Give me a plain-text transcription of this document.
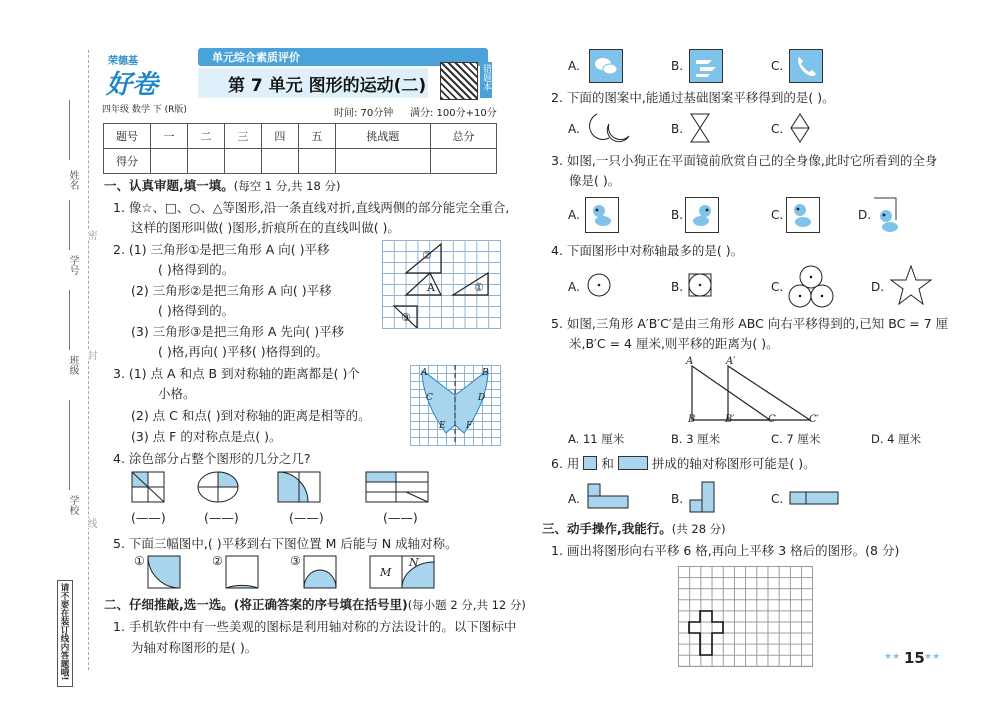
姓名
学号
班级
学校
请不要在装订线内答题哦!
密
封
线
荣德基
好卷
四年级 数学 下 (R版)
单元综合素质评价
第 7 单元 图形的运动(二)	错题本
时间: 70分钟 满分: 100分+10分
题号	一	二	三	四	五	挑战题	总分
得分							
一、认真审题,填一填。(每空 1 分,共 18 分)
1. 像☆、□、○、△等图形,沿一条直线对折,直线两侧的部分能完全重合,
这样的图形叫做( )图形,折痕所在的直线叫做( )。
2. (1) 三角形①是把三角形 A 向( )平移
( )格得到的。
(2) 三角形②是把三角形 A 向( )平移
( )格得到的。
(3) 三角形③是把三角形 A 先向( )平移
( )格,再向( )平移( )格得到的。
②
A	①
③
3. (1) 点 A 和点 B 到对称轴的距离都是( )个
小格。
(2) 点 C 和点( )到对称轴的距离是相等的。
(3) 点 F 的对称点是点( )。
A
C
E
B
D
F
4. 涂色部分占整个图形的几分之几?
(——)	(——)	(——)	(——)
5. 下面三幅图中,( )平移到右下图位置 M 后能与 N 成轴对称。
①	②	③
M
N
二、仔细推敲,选一选。(将正确答案的序号填在括号里)(每小题 2 分,共 12 分)
1. 手机软件中有一些美观的图标是利用轴对称的方法设计的。以下图标中
为轴对称图形的是( )。
A.	B.	C.
2. 下面的图案中,能通过基础图案平移得到的是( )。
A.	B.	C.
3. 如图,一只小狗正在平面镜前欣赏自己的全身像,此时它所看到的全身
像是( )。
A.	B.	C.	D.
4. 下面图形中对称轴最多的是( )。
A.	B.	C.	D.
5. 如图,三角形 A′B′C′是由三角形 ABC 向右平移得到的,已知 BC = 7 厘
米,B′C = 4 厘米,则平移的距离为( )。
A	A′
B	B′	C	C′
A. 11 厘米	B. 3 厘米	C. 7 厘米	D. 4 厘米
6. 用 和	拼成的轴对称图形可能是( )。
A.	B.	C.
三、动手操作,我能行。(共 28 分)
1. 画出将图形向右平移 6 格,再向上平移 3 格后的图形。(8 分)
★★ 15 ★★
